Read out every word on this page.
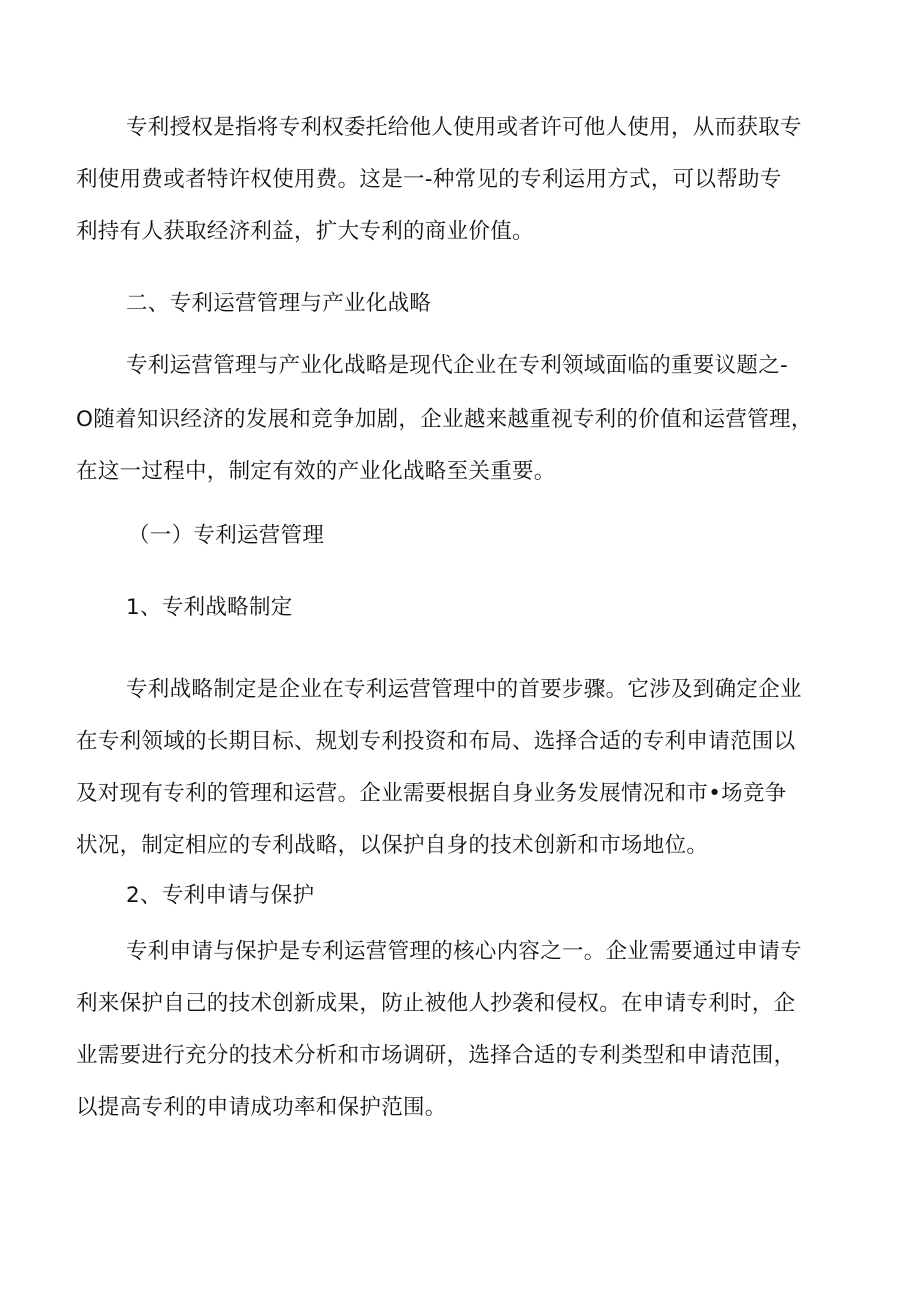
专利授权是指将专利权委托给他人使用或者许可他人使用，从而获取专
利使用费或者特许权使用费。这是一-种常见的专利运用方式，可以帮助专
利持有人获取经济利益，扩大专利的商业价值。
二、专利运营管理与产业化战略
专利运营管理与产业化战略是现代企业在专利领域面临的重要议题之-
O随着知识经济的发展和竞争加剧，企业越来越重视专利的价值和运营管理，
在这一过程中，制定有效的产业化战略至关重要。
（一）专利运营管理
1、专利战略制定
专利战略制定是企业在专利运营管理中的首要步骤。它涉及到确定企业
在专利领域的长期目标、规划专利投资和布局、选择合适的专利申请范围以
及对现有专利的管理和运营。企业需要根据自身业务发展情况和市•场竞争
状况，制定相应的专利战略，以保护自身的技术创新和市场地位。
2、专利申请与保护
专利申请与保护是专利运营管理的核心内容之一。企业需要通过申请专
利来保护自己的技术创新成果，防止被他人抄袭和侵权。在申请专利时，企
业需要进行充分的技术分析和市场调研，选择合适的专利类型和申请范围，
以提高专利的申请成功率和保护范围。
